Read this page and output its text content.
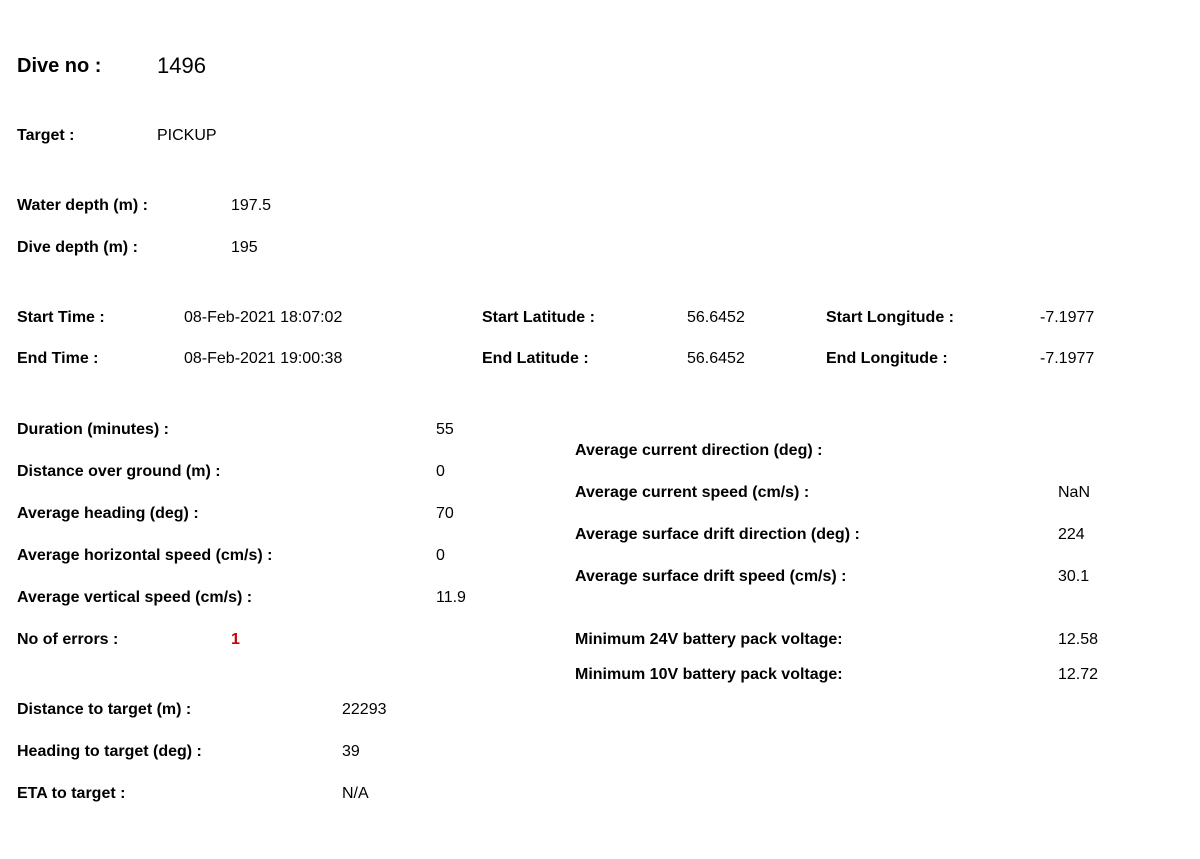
Dive no :	1496
Target :	PICKUP
Water depth (m) :	197.5
Dive depth (m) :	195
Start Time :	08-Feb-2021 18:07:02
End Time :	08-Feb-2021 19:00:38
Start Latitude :	56.6452
End Latitude :	56.6452
Start Longitude :	-7.1977
End Longitude :	-7.1977
Duration (minutes) :	55
Distance over ground (m) :	0
Average heading (deg) :	70
Average horizontal speed (cm/s) :	0
Average vertical speed (cm/s) :	11.9
No of errors :	1
Average current direction (deg) :
Average current speed (cm/s) :	NaN
Average surface drift direction (deg) :	224
Average surface drift speed (cm/s) :	30.1
Minimum 24V battery pack voltage:	12.58
Minimum 10V battery pack voltage:	12.72
Distance to target (m) :	22293
Heading to target (deg) :	39
ETA to target :	N/A
